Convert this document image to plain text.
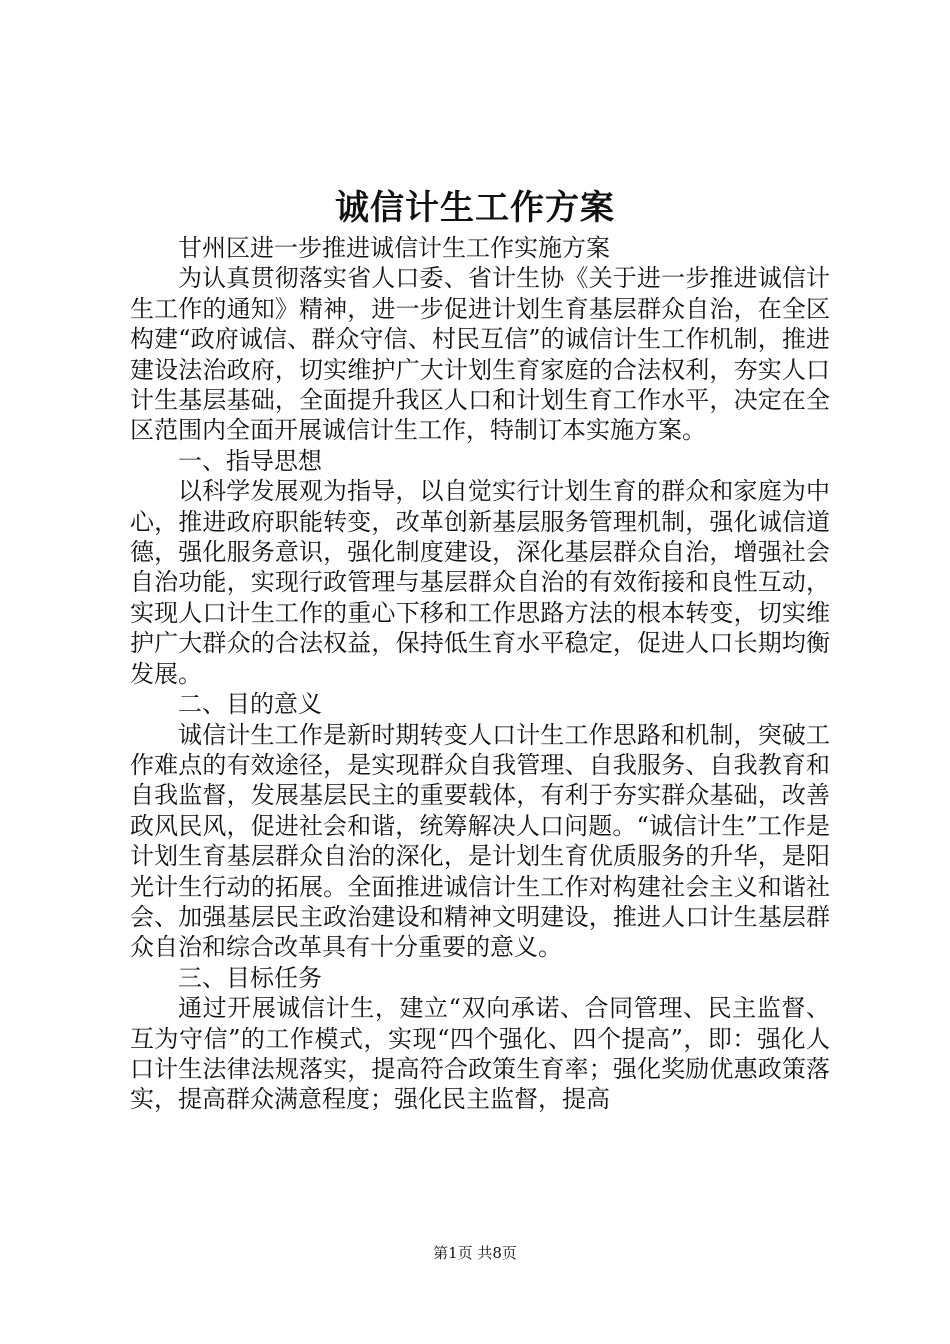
诚信计生工作方案

甘州区进一步推进诚信计生工作实施方案

为认真贯彻落实省人口委、省计生协《关于进一步推进诚信计生工作的通知》精神，进一步促进计划生育基层群众自治，在全区构建“政府诚信、群众守信、村民互信”的诚信计生工作机制，推进建设法治政府，切实维护广大计划生育家庭的合法权利，夯实人口计生基层基础，全面提升我区人口和计划生育工作水平，决定在全区范围内全面开展诚信计生工作，特制订本实施方案。

一、指导思想

以科学发展观为指导，以自觉实行计划生育的群众和家庭为中心，推进政府职能转变，改革创新基层服务管理机制，强化诚信道德，强化服务意识，强化制度建设，深化基层群众自治，增强社会自治功能，实现行政管理与基层群众自治的有效衔接和良性互动，实现人口计生工作的重心下移和工作思路方法的根本转变，切实维护广大群众的合法权益，保持低生育水平稳定，促进人口长期均衡发展。

二、目的意义

诚信计生工作是新时期转变人口计生工作思路和机制，突破工作难点的有效途径，是实现群众自我管理、自我服务、自我教育和自我监督，发展基层民主的重要载体，有利于夯实群众基础，改善政风民风，促进社会和谐，统筹解决人口问题。“诚信计生”工作是计划生育基层群众自治的深化，是计划生育优质服务的升华，是阳光计生行动的拓展。全面推进诚信计生工作对构建社会主义和谐社会、加强基层民主政治建设和精神文明建设，推进人口计生基层群众自治和综合改革具有十分重要的意义。

三、目标任务

通过开展诚信计生，建立“双向承诺、合同管理、民主监督、互为守信”的工作模式，实现“四个强化、四个提高”，即：强化人口计生法律法规落实，提高符合政策生育率；强化奖励优惠政策落实，提高群众满意程度；强化民主监督，提高

第1页 共8页
